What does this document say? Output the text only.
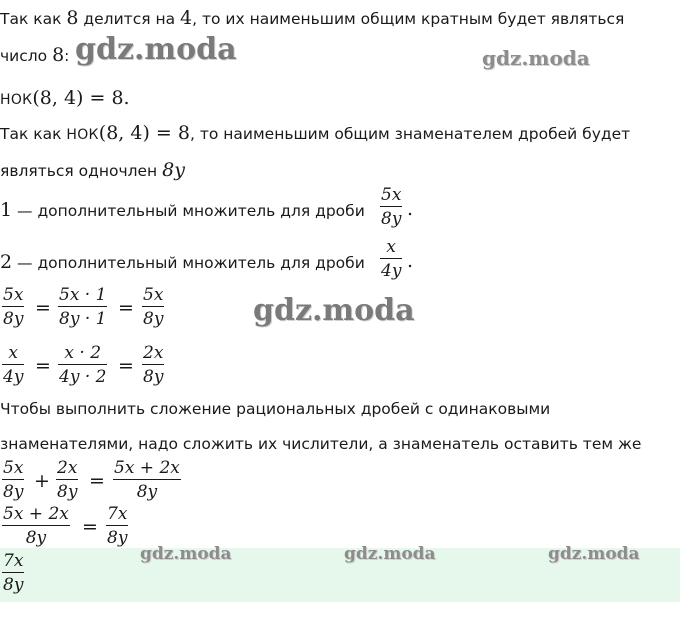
Так как 8 делится на 4, то их наименьшим общим кратным будет являться
число 8:
НОК(8, 4) = 8.
Так как НОК(8, 4) = 8, то наименьшим общим знаменателем дробей будет
являться одночлен 8y
1 — дополнительный множитель для дроби
5x
8y .
2 — дополнительный множитель для дроби
x
4y .
5x
8y =
5x · 1
8y · 1 =
5x
8y
x
4y =
x · 2
4y · 2 =
2x
8y
Чтобы выполнить сложение рациональных дробей с одинаковыми
знаменателями, надо сложить их числители, а знаменатель оставить тем же
5x
8y +
2x
8y =
5x + 2x
8y
5x + 2x
8y	=
7x
8y
7x
8y
gdz.moda	gdz.moda
gdz.moda
gdz.moda	gdz.moda	gdz.moda
